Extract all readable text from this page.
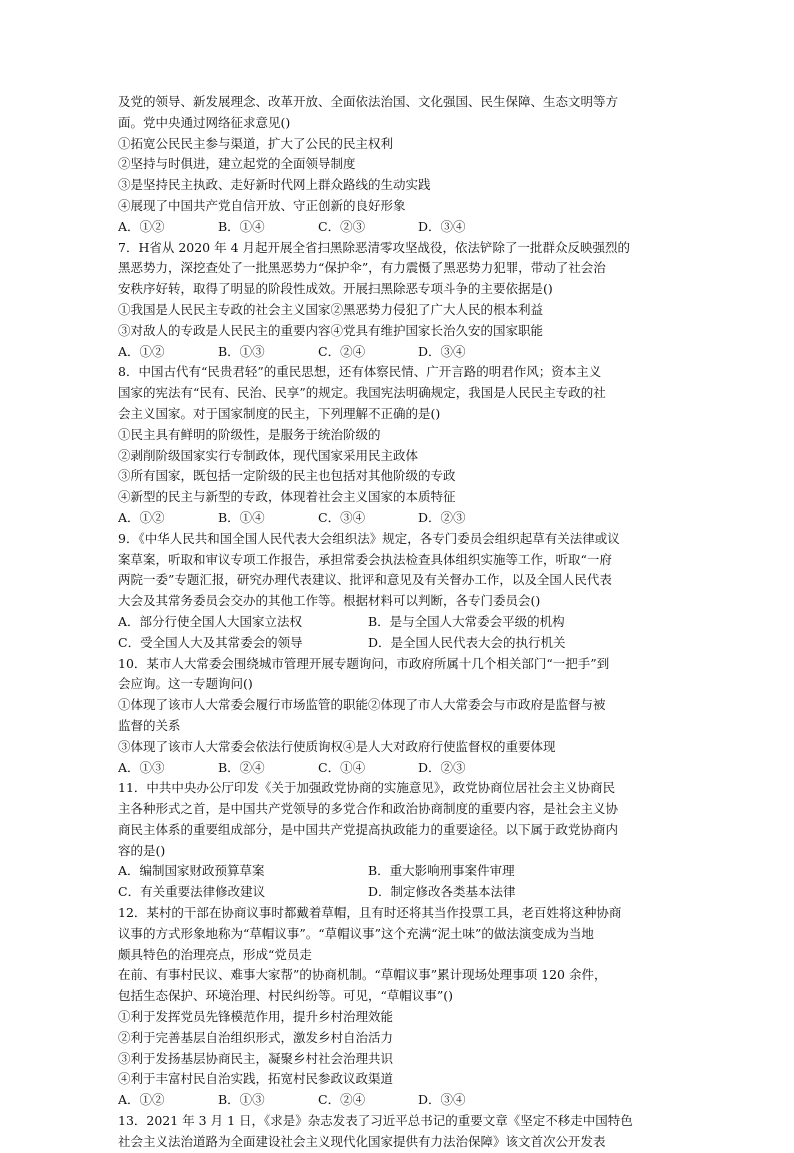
及党的领导、新发展理念、改革开放、全面依法治国、文化强国、民生保障、生态文明等方
面。党中央通过网络征求意见()
①拓宽公民民主参与渠道，扩大了公民的民主权利
②坚持与时俱进，建立起党的全面领导制度
③是坚持民主执政、走好新时代网上群众路线的生动实践
④展现了中国共产党自信开放、守正创新的良好形象
A．①②	B．①④	C．②③	D．③④
7．H省从 2020 年 4 月起开展全省扫黑除恶清零攻坚战役，依法铲除了一批群众反映强烈的
黑恶势力，深挖查处了一批黑恶势力“保护伞”，有力震慑了黑恶势力犯罪，带动了社会治
安秩序好转，取得了明显的阶段性成效。开展扫黑除恶专项斗争的主要依据是()
①我国是人民民主专政的社会主义国家②黑恶势力侵犯了广大人民的根本利益
③对敌人的专政是人民民主的重要内容④党具有维护国家长治久安的国家职能
A．①②	B．①③	C．②④	D．③④
8．中国古代有“民贵君轻”的重民思想，还有体察民情、广开言路的明君作风；资本主义
国家的宪法有“民有、民治、民享”的规定。我国宪法明确规定，我国是人民民主专政的社
会主义国家。对于国家制度的民主，下列理解不正确的是()
①民主具有鲜明的阶级性，是服务于统治阶级的
②剥削阶级国家实行专制政体，现代国家采用民主政体
③所有国家，既包括一定阶级的民主也包括对其他阶级的专政
④新型的民主与新型的专政，体现着社会主义国家的本质特征
A．①②	B．①④	C．③④	D．②③
9．《中华人民共和国全国人民代表大会组织法》规定，各专门委员会组织起草有关法律或议
案草案，听取和审议专项工作报告，承担常委会执法检查具体组织实施等工作，听取“一府
两院一委”专题汇报，研究办理代表建议、批评和意见及有关督办工作，以及全国人民代表
大会及其常务委员会交办的其他工作等。根据材料可以判断，各专门委员会()
A．部分行使全国人大国家立法权	B．是与全国人大常委会平级的机构
C．受全国人大及其常委会的领导	D．是全国人民代表大会的执行机关
10．某市人大常委会围绕城市管理开展专题询问，市政府所属十几个相关部门“一把手”到
会应询。这一专题询问()
①体现了该市人大常委会履行市场监管的职能②体现了市人大常委会与市政府是监督与被
监督的关系
③体现了该市人大常委会依法行使质询权④是人大对政府行使监督权的重要体现
A．①③	B．②④	C．①④	D．②③
11．中共中央办公厅印发《关于加强政党协商的实施意见》，政党协商位居社会主义协商民
主各种形式之首，是中国共产党领导的多党合作和政治协商制度的重要内容，是社会主义协
商民主体系的重要组成部分，是中国共产党提高执政能力的重要途径。以下属于政党协商内
容的是()
A．编制国家财政预算草案	B．重大影响刑事案件审理
C．有关重要法律修改建议	D．制定修改各类基本法律
12．某村的干部在协商议事时都戴着草帽，且有时还将其当作投票工具，老百姓将这种协商
议事的方式形象地称为“草帽议事”。“草帽议事”这个充满“泥土味”的做法演变成为当地
颇具特色的治理亮点，形成“党员走
在前、有事村民议、难事大家帮”的协商机制。“草帽议事”累计现场处理事项 120 余件，
包括生态保护、环境治理、村民纠纷等。可见，“草帽议事”()
①利于发挥党员先锋模范作用，提升乡村治理效能
②利于完善基层自治组织形式，激发乡村自治活力
③利于发扬基层协商民主，凝聚乡村社会治理共识
④利于丰富村民自治实践，拓宽村民参政议政渠道
A．①②	B．①③	C．②④	D．③④
13．2021 年 3 月 1 日，《求是》杂志发表了习近平总书记的重要文章《坚定不移走中国特色
社会主义法治道路为全面建设社会主义现代化国家提供有力法治保障》该文首次公开发表
